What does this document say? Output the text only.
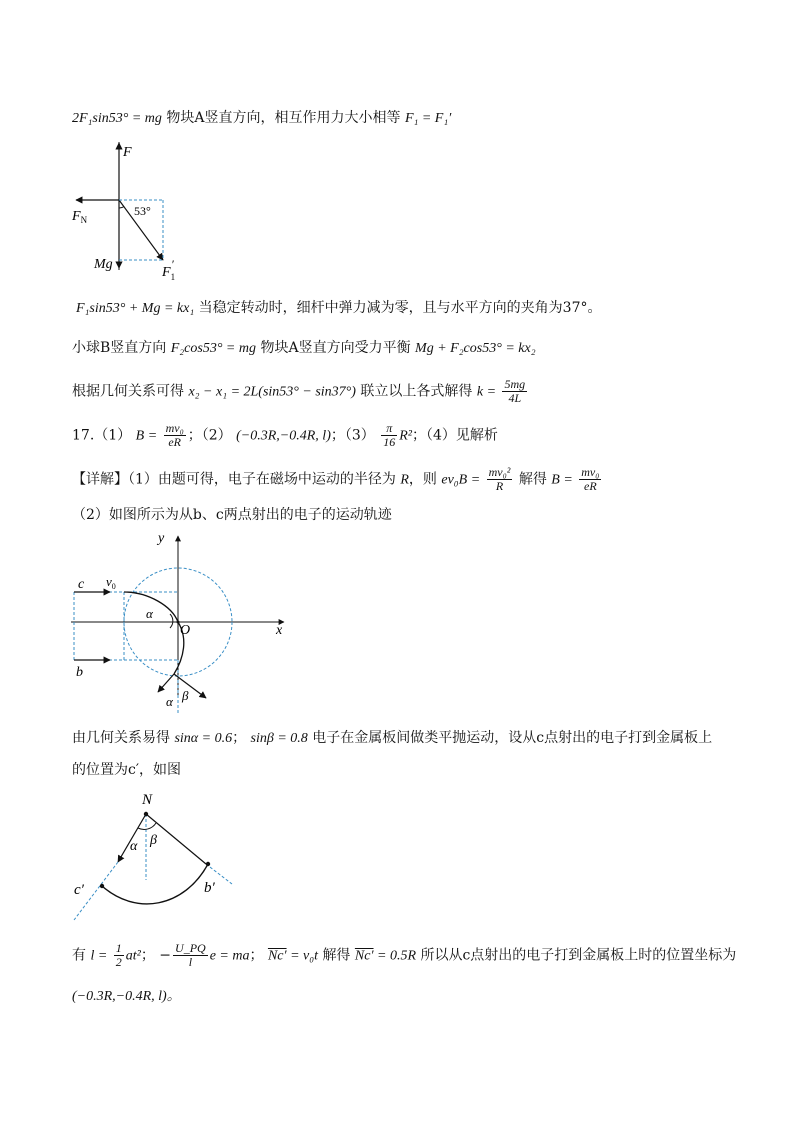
2F₁sin53° = mg 物块A竖直方向，相互作用力大小相等 F₁ = F₁′
F
$F_N$
53°
Mg
$F_1'$
F₁sin53° + Mg = kx₁ 当稳定转动时，细杆中弹力减为零，且与水平方向的夹角为37°。
小球B竖直方向 F₂cos53° = mg 物块A竖直方向受力平衡 Mg + F₂cos53° = kx₂
根据几何关系可得 x₂ − x₁ = 2L(sin53° − sin37°) 联立以上各式解得 $k = \frac{5mg}{4L}$
17.（1） $B = \frac{\text{mv₀}}{eR}$ ；（2） (−0.3R,−0.4R, l)；$(3) \frac{\pi}{16} R^2$；（4）见解析
【详解】（1）由题可得，电子在磁场中运动的半径为 R，则 $ev_0B = \frac{\text{mv₀²}}{R}$ 解得 $B = \frac{\text{mv₀}}{eR}$
（2）如图所示为从b、c两点射出的电子的运动轨迹
y
x
O
c
b
$v_0$
α
α β
由几何关系易得 sinα = 0.6； sinβ = 0.8 电子在金属板间做类平抛运动，设从c点射出的电子打到金属板上
的位置为c′，如图
N
α β
c′	b′
有 $l = \frac{1}{2} at^2$； − $\frac{U\_PQ}{l}$ e = ma； Nc′ = v₀t 解得 Nc′ = 0.5R 所以从c点射出的电子打到金属板上时的位置坐标为
(−0.3R,−0.4R, l)。
